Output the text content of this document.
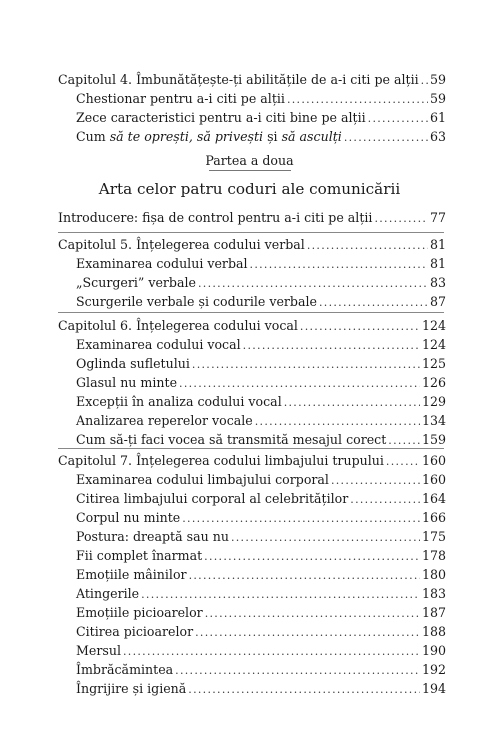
Capitolul 4. Îmbunătățește-ți abilitățile de a-i citi pe alții . . . 59
Chestionar pentru a-i citi pe alții . . .	59
Zece caracteristici pentru a-i citi bine pe alții . . .	61
Cum să te oprești, să privești și să asculți . . .	63
Partea a doua
Arta celor patru coduri ale comunicării
Introducere: fișa de control pentru a-i citi pe alții . . .	77
Capitolul 5. Înțelegerea codului verbal . . .	81
Examinarea codului verbal . . .	81
„Scurgeri” verbale . . .	83
Scurgerile verbale și codurile verbale . . .	87
Capitolul 6. Înțelegerea codului vocal . . .	124
Examinarea codului vocal . . .	124
Oglinda sufletului . . .	125
Glasul nu minte . . .	126
Excepții în analiza codului vocal . . .	129
Analizarea reperelor vocale . . .	134
Cum să-ți faci vocea să transmită mesajul corect . . .	159
Capitolul 7. Înțelegerea codului limbajului trupului . . .	160
Examinarea codului limbajului corporal . . .	160
Citirea limbajului corporal al celebrităților . . .	164
Corpul nu minte . . .	166
Postura: dreaptă sau nu . . .	175
Fii complet înarmat . . .	178
Emoțiile mâinilor . . .	180
Atingerile . . .	183
Emoțiile picioarelor . . .	187
Citirea picioarelor . . .	188
Mersul . . .	190
Îmbrăcămintea . . .	192
Îngrijire și igienă . . .	194
